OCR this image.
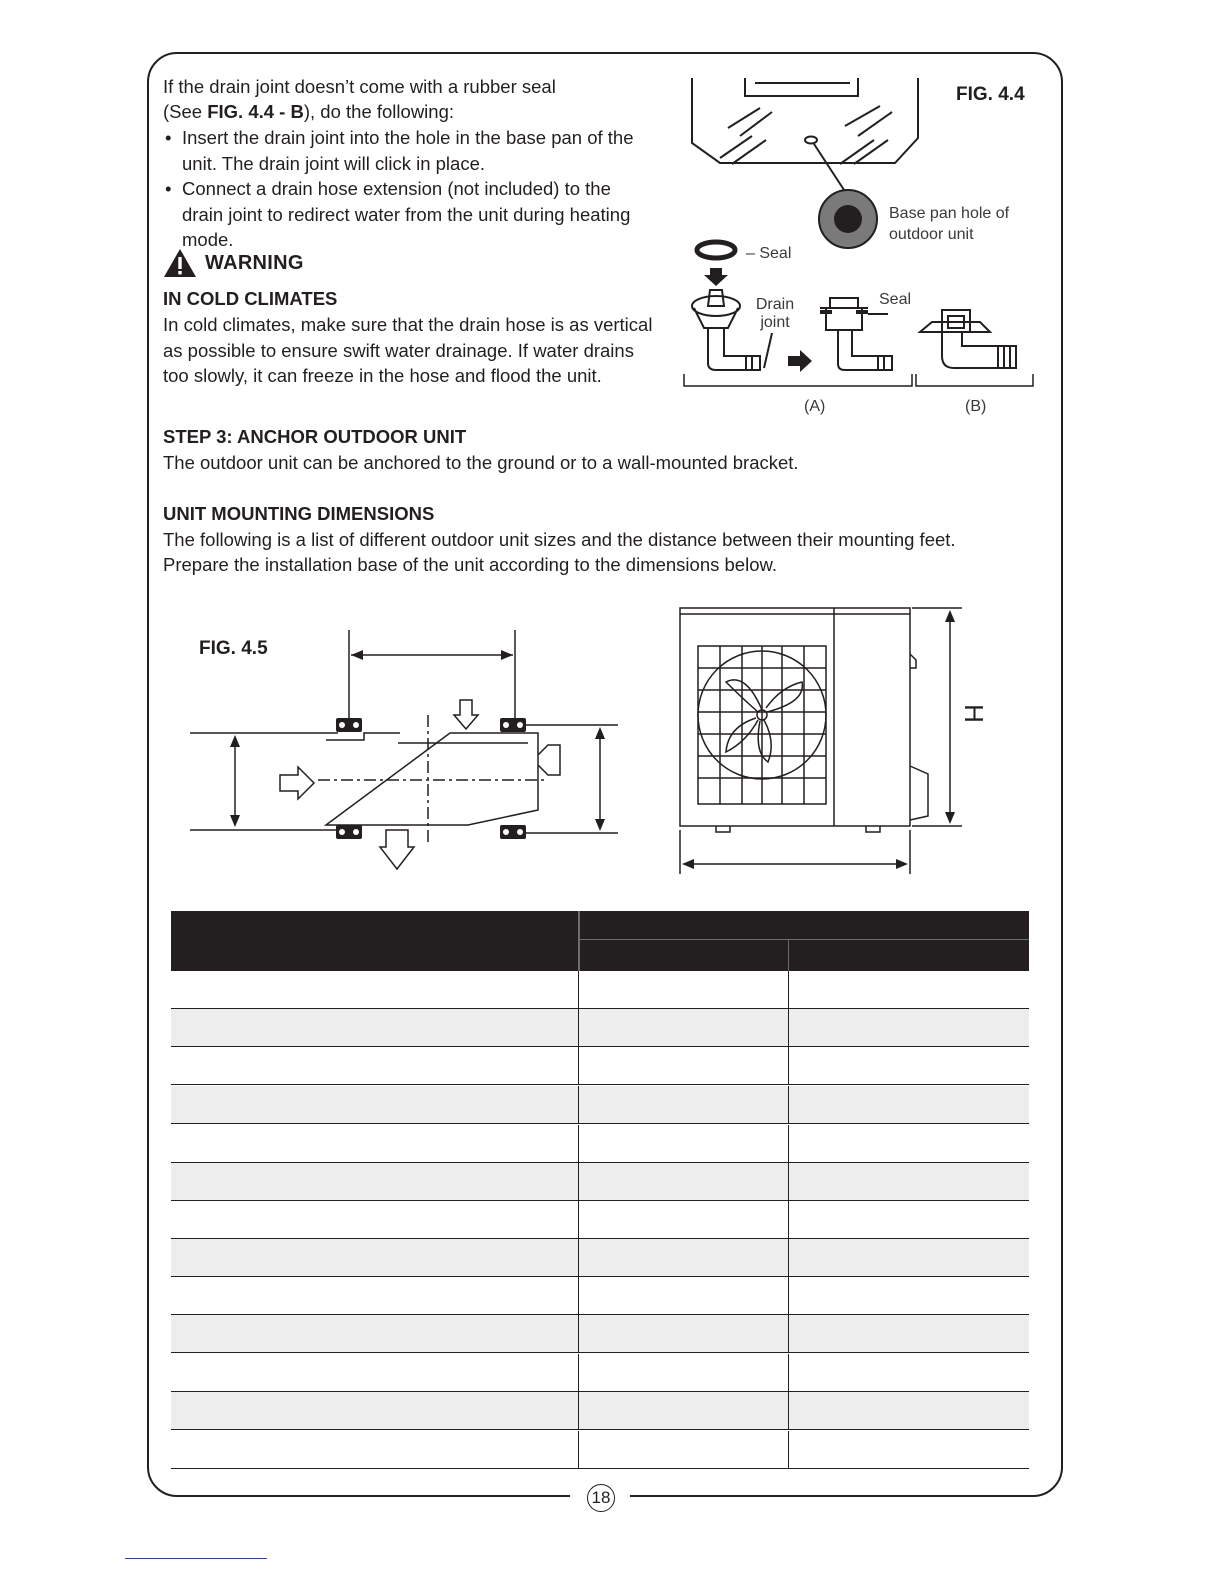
18

If the drain joint doesn’t come with a rubber seal

(See FIG. 4.4 - B), do the following:

• Insert the drain joint into the hole in the base pan of the unit. The drain joint will click in place.
• Connect a drain hose extension (not included) to the drain joint to redirect water from the unit during heating mode.
WARNING

IN COLD CLIMATES

In cold climates, make sure that the drain hose is as vertical as possible to ensure swift water drainage. If water drains too slowly, it can freeze in the hose and flood the unit.

FIG. 4.4
Base pan hole of outdoor unit
– Seal
Drain joint
Seal
(A)	(B)

STEP 3: ANCHOR OUTDOOR UNIT

The outdoor unit can be anchored to the ground or to a wall-mounted bracket.

UNIT MOUNTING DIMENSIONS

The following is a list of different outdoor unit sizes and the distance between their mounting feet.

Prepare the installation base of the unit according to the dimensions below.

FIG. 4.5
H
